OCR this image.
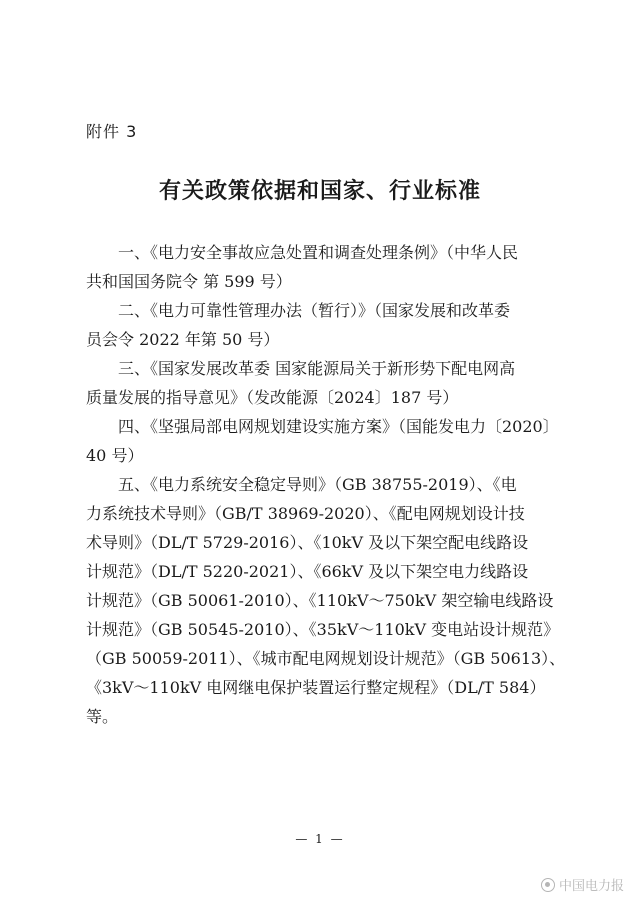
附件 3
有关政策依据和国家、行业标准

一、《电力安全事故应急处置和调查处理条例》（中华人民
共和国国务院令 第 599 号）

二、《电力可靠性管理办法（暂行）》（国家发展和改革委
员会令 2022 年第 50 号）

三、《国家发展改革委 国家能源局关于新形势下配电网高
质量发展的指导意见》（发改能源〔2024〕187 号）

四、《坚强局部电网规划建设实施方案》（国能发电力〔2020〕
40 号）

五、《电力系统安全稳定导则》（GB 38755-2019）、《电
力系统技术导则》（GB/T 38969-2020）、《配电网规划设计技
术导则》（DL/T 5729-2016）、《10kV 及以下架空配电线路设
计规范》（DL/T 5220-2021）、《66kV 及以下架空电力线路设
计规范》（GB 50061-2010）、《110kV～750kV 架空输电线路设
计规范》（GB 50545-2010）、《35kV～110kV 变电站设计规范》
（GB 50059-2011）、《城市配电网规划设计规范》（GB 50613）、
《3kV～110kV 电网继电保护装置运行整定规程》（DL/T 584）
等。

— 1 —
中国电力报
